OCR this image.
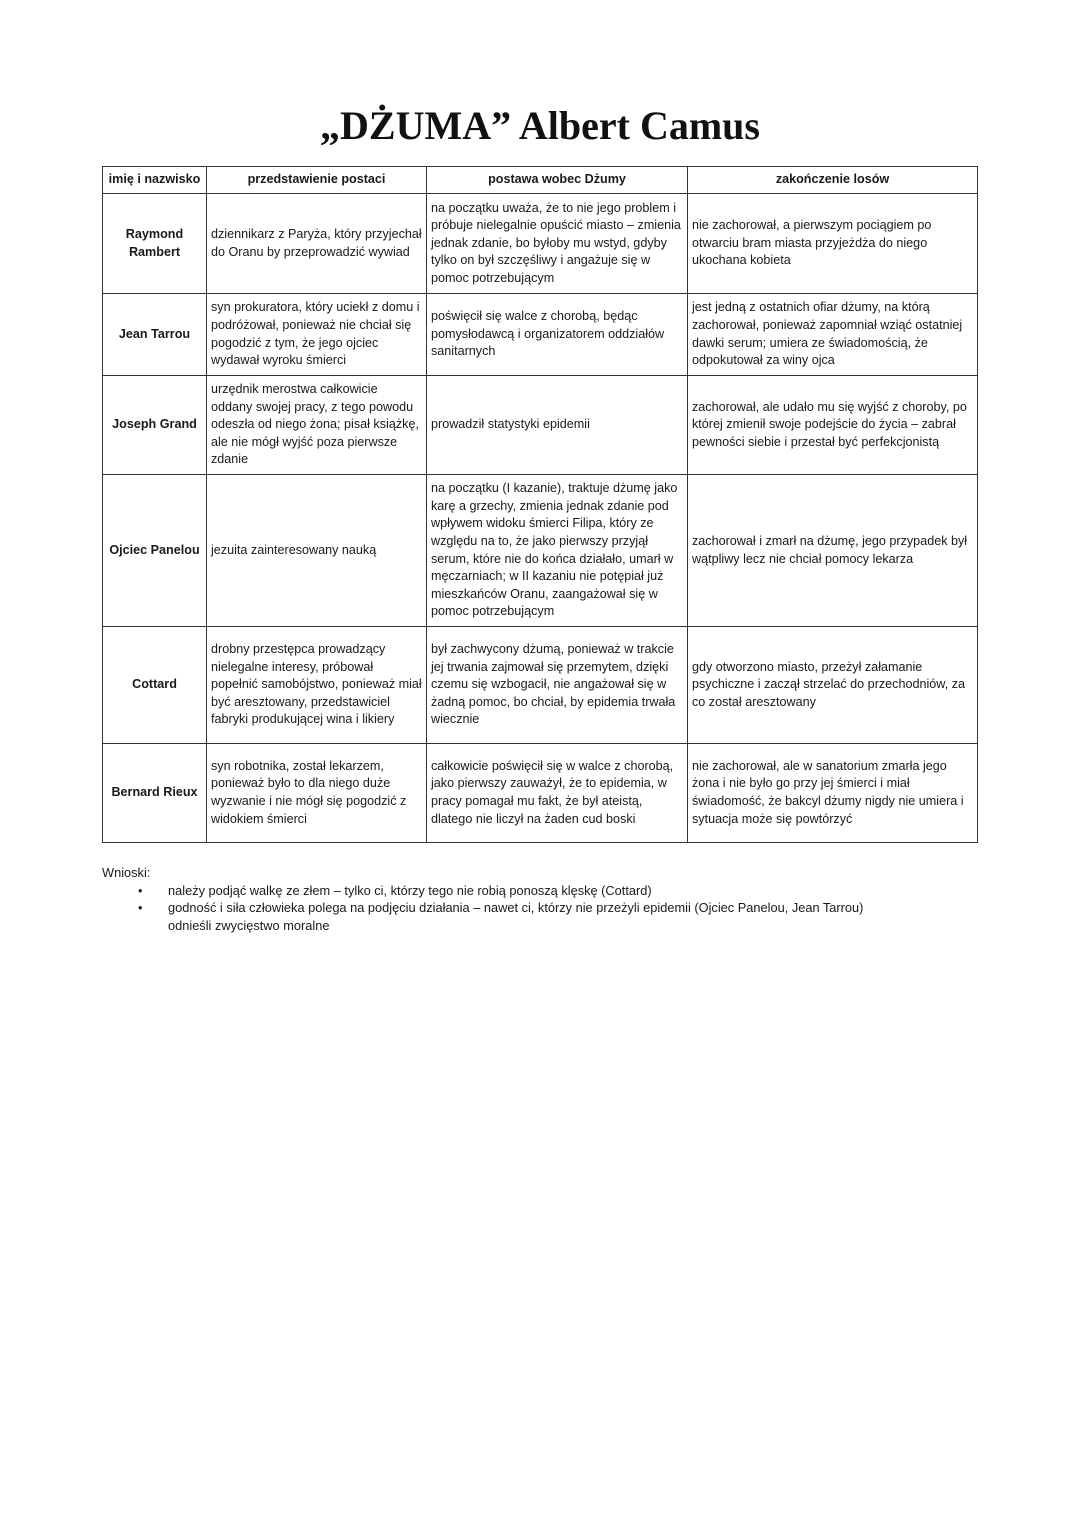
„DŻUMA” Albert Camus
imię i nazwisko	przedstawienie postaci	postawa wobec Dżumy	zakończenie losów
Raymond Rambert	dziennikarz z Paryża, który przyjechał do Oranu by przeprowadzić wywiad	na początku uważa, że to nie jego problem i próbuje nielegalnie opuścić miasto – zmienia jednak zdanie, bo byłoby mu wstyd, gdyby tylko on był szczęśliwy i angażuje się w pomoc potrzebującym	nie zachorował, a pierwszym pociągiem po otwarciu bram miasta przyjeżdża do niego ukochana kobieta
Jean Tarrou	syn prokuratora, który uciekł z domu i podróżował, ponieważ nie chciał się pogodzić z tym, że jego ojciec wydawał wyroku śmierci	poświęcił się walce z chorobą, będąc pomysłodawcą i organizatorem oddziałów sanitarnych	jest jedną z ostatnich ofiar dżumy, na którą zachorował, ponieważ zapomniał wziąć ostatniej dawki serum; umiera ze świadomością, że odpokutował za winy ojca
Joseph Grand	urzędnik merostwa całkowicie oddany swojej pracy, z tego powodu odeszła od niego żona; pisał książkę, ale nie mógł wyjść poza pierwsze zdanie	prowadził statystyki epidemii	zachorował, ale udało mu się wyjść z choroby, po której zmienił swoje podejście do życia – zabrał pewności siebie i przestał być perfekcjonistą
Ojciec Panelou	jezuita zainteresowany nauką	na początku (I kazanie), traktuje dżumę jako karę a grzechy, zmienia jednak zdanie pod wpływem widoku śmierci Filipa, który ze względu na to, że jako pierwszy przyjął serum, które nie do końca działało, umarł w męczarniach; w II kazaniu nie potępiał już mieszkańców Oranu, zaangażował się w pomoc potrzebującym	zachorował i zmarł na dżumę, jego przypadek był wątpliwy lecz nie chciał pomocy lekarza
Cottard	drobny przestępca prowadzący nielegalne interesy, próbował popełnić samobójstwo, ponieważ miał być aresztowany, przedstawiciel fabryki produkującej wina i likiery	był zachwycony dżumą, ponieważ w trakcie jej trwania zajmował się przemytem, dzięki czemu się wzbogacił, nie angażował się w żadną pomoc, bo chciał, by epidemia trwała wiecznie	gdy otworzono miasto, przeżył załamanie psychiczne i zaczął strzelać do przechodniów, za co został aresztowany
Bernard Rieux	syn robotnika, został lekarzem, ponieważ było to dla niego duże wyzwanie i nie mógł się pogodzić z widokiem śmierci	całkowicie poświęcił się w walce z chorobą, jako pierwszy zauważył, że to epidemia, w pracy pomagał mu fakt, że był ateistą, dlatego nie liczył na żaden cud boski	nie zachorował, ale w sanatorium zmarła jego żona i nie było go przy jej śmierci i miał świadomość, że bakcyl dżumy nigdy nie umiera i sytuacja może się powtórzyć

Wnioski:

• należy podjąć walkę ze złem – tylko ci, którzy tego nie robią ponoszą klęskę (Cottard)
• godność i siła człowieka polega na podjęciu działania – nawet ci, którzy nie przeżyli epidemii (Ojciec Panelou, Jean Tarrou) odnieśli zwycięstwo moralne
